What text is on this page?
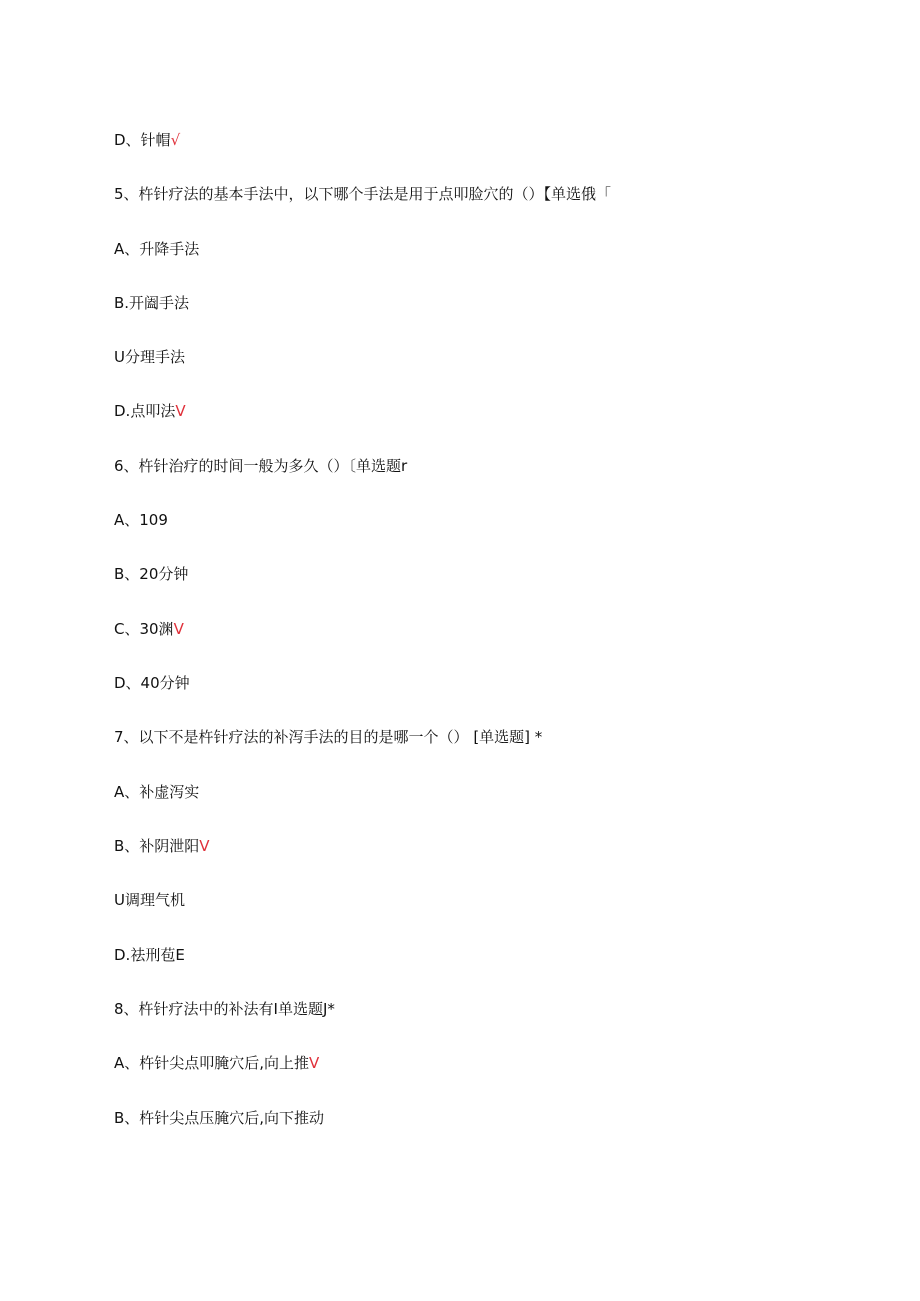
D、针帽√
5、杵针疗法的基本手法中，以下哪个手法是用于点叩脸穴的（）【单选俄「
A、升降手法
B.开阖手法
U分理手法
D.点叩法V
6、杵针治疗的时间一般为多久（）〔单选题r
A、109
B、20分钟
C、30渊V
D、40分钟
7、以下不是杵针疗法的补泻手法的目的是哪一个（） [单选题] *
A、补虚泻实
B、补阴泄阳V
U调理气机
D.祛刑苞E
8、杵针疗法中的补法有I单选题J*
A、杵针尖点叩腌穴后,向上推V
B、杵针尖点压腌穴后,向下推动
